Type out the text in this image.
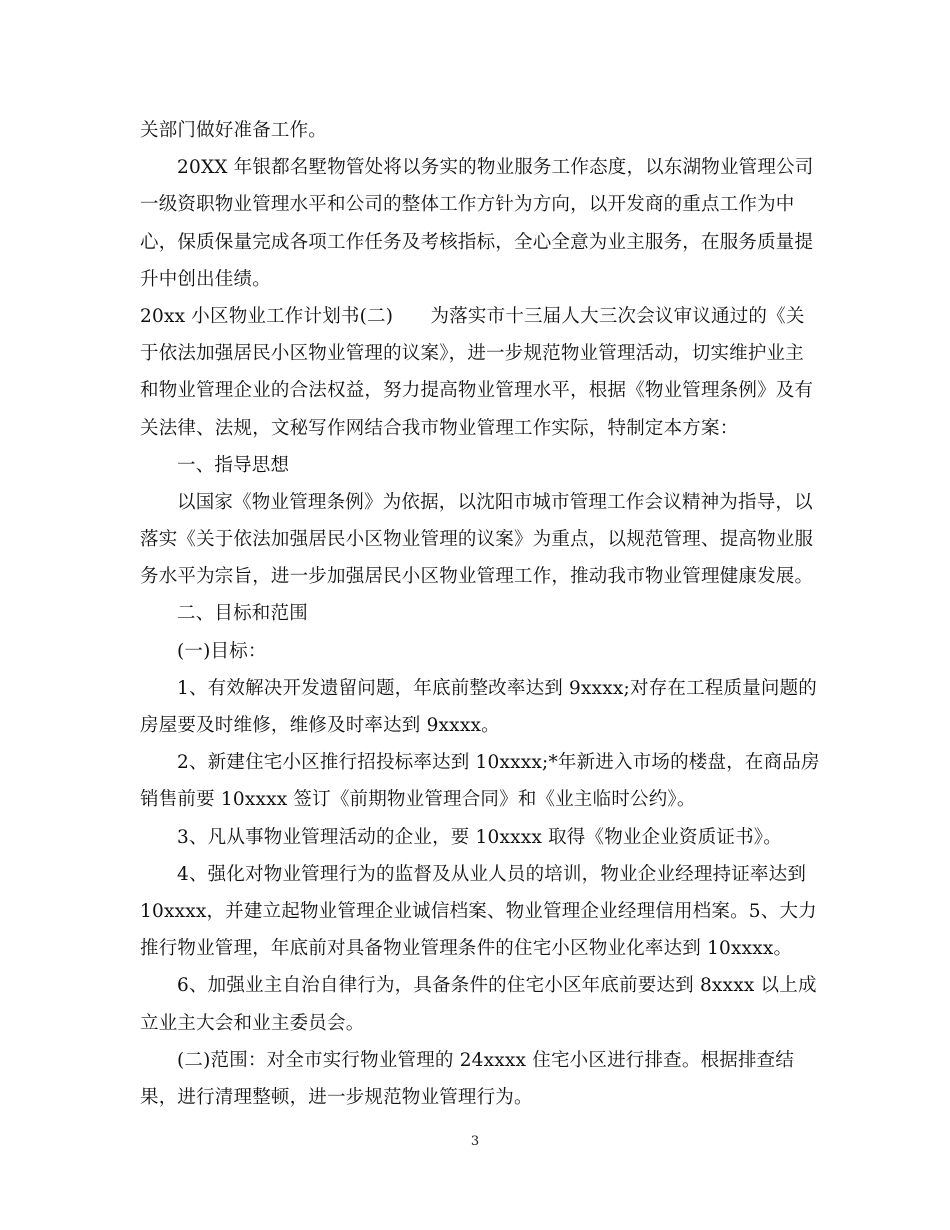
关部门做好准备工作。
20XX 年银都名墅物管处将以务实的物业服务工作态度，以东湖物业管理公司
一级资职物业管理水平和公司的整体工作方针为方向，以开发商的重点工作为中
心，保质保量完成各项工作任务及考核指标，全心全意为业主服务，在服务质量提
升中创出佳绩。
20xx 小区物业工作计划书(二)　　为落实市十三届人大三次会议审议通过的《关
于依法加强居民小区物业管理的议案》，进一步规范物业管理活动，切实维护业主
和物业管理企业的合法权益，努力提高物业管理水平，根据《物业管理条例》及有
关法律、法规，文秘写作网结合我市物业管理工作实际，特制定本方案：
一、指导思想
以国家《物业管理条例》为依据，以沈阳市城市管理工作会议精神为指导，以
落实《关于依法加强居民小区物业管理的议案》为重点，以规范管理、提高物业服
务水平为宗旨，进一步加强居民小区物业管理工作，推动我市物业管理健康发展。
二、目标和范围
(一)目标：
1、有效解决开发遗留问题，年底前整改率达到 9xxxx;对存在工程质量问题的
房屋要及时维修，维修及时率达到 9xxxx。
2、新建住宅小区推行招投标率达到 10xxxx;*年新进入市场的楼盘，在商品房
销售前要 10xxxx 签订《前期物业管理合同》和《业主临时公约》。
3、凡从事物业管理活动的企业，要 10xxxx 取得《物业企业资质证书》。
4、强化对物业管理行为的监督及从业人员的培训，物业企业经理持证率达到
10xxxx，并建立起物业管理企业诚信档案、物业管理企业经理信用档案。5、大力
推行物业管理，年底前对具备物业管理条件的住宅小区物业化率达到 10xxxx。
6、加强业主自治自律行为，具备条件的住宅小区年底前要达到 8xxxx 以上成
立业主大会和业主委员会。
(二)范围：对全市实行物业管理的 24xxxx 住宅小区进行排查。根据排查结
果，进行清理整顿，进一步规范物业管理行为。
3
